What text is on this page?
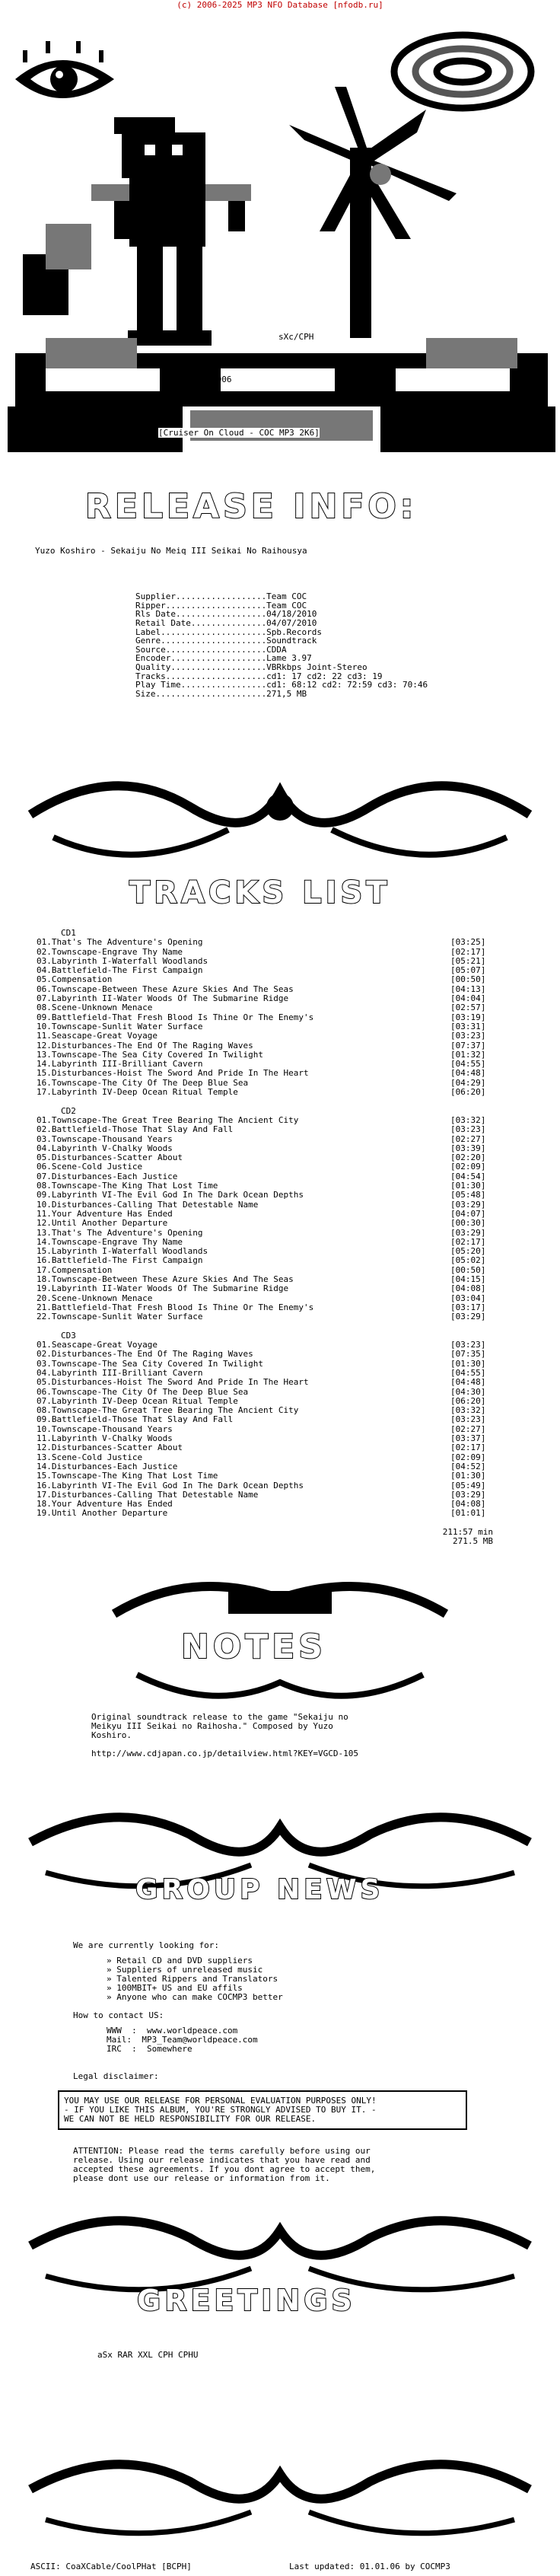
(c) 2006-2025 MP3 NFO Database [nfodb.ru]
sXc/CPH
2006
[Cruiser On Cloud - COC MP3 2K6]
RELEASE INFO:
Yuzo Koshiro - Sekaiju No Meiq III Seikai No Raihousya

Supplier..................Team COC
Ripper....................Team COC
Rls Date..................04/18/2010
Retail Date...............04/07/2010
Label.....................Spb.Records
Genre.....................Soundtrack
Source....................CDDA
Encoder...................Lame 3.97
Quality...................VBRkbps Joint-Stereo
Tracks....................cd1: 17 cd2: 22 cd3: 19
Play Time.................cd1: 68:12 cd2: 72:59 cd3: 70:46
Size......................271,5 MB

TRACKS LIST
CD1
01.That's The Adventure's Opening	[03:25]
02.Townscape-Engrave Thy Name	[02:17]
03.Labyrinth I-Waterfall Woodlands	[05:21]
04.Battlefield-The First Campaign	[05:07]
05.Compensation	[00:50]
06.Townscape-Between These Azure Skies And The Seas	[04:13]
07.Labyrinth II-Water Woods Of The Submarine Ridge	[04:04]
08.Scene-Unknown Menace	[02:57]
09.Battlefield-That Fresh Blood Is Thine Or The Enemy's	[03:19]
10.Townscape-Sunlit Water Surface	[03:31]
11.Seascape-Great Voyage	[03:23]
12.Disturbances-The End Of The Raging Waves	[07:37]
13.Townscape-The Sea City Covered In Twilight	[01:32]
14.Labyrinth III-Brilliant Cavern	[04:55]
15.Disturbances-Hoist The Sword And Pride In The Heart	[04:48]
16.Townscape-The City Of The Deep Blue Sea	[04:29]
17.Labyrinth IV-Deep Ocean Ritual Temple	[06:20]
CD2
01.Townscape-The Great Tree Bearing The Ancient City	[03:32]
02.Battlefield-Those That Slay And Fall	[03:23]
03.Townscape-Thousand Years	[02:27]
04.Labyrinth V-Chalky Woods	[03:39]
05.Disturbances-Scatter About	[02:20]
06.Scene-Cold Justice	[02:09]
07.Disturbances-Each Justice	[04:54]
08.Townscape-The King That Lost Time	[01:30]
09.Labyrinth VI-The Evil God In The Dark Ocean Depths	[05:48]
10.Disturbances-Calling That Detestable Name	[03:29]
11.Your Adventure Has Ended	[04:07]
12.Until Another Departure	[00:30]
13.That's The Adventure's Opening	[03:29]
14.Townscape-Engrave Thy Name	[02:17]
15.Labyrinth I-Waterfall Woodlands	[05:20]
16.Battlefield-The First Campaign	[05:02]
17.Compensation	[00:50]
18.Townscape-Between These Azure Skies And The Seas	[04:15]
19.Labyrinth II-Water Woods Of The Submarine Ridge	[04:08]
20.Scene-Unknown Menace	[03:04]
21.Battlefield-That Fresh Blood Is Thine Or The Enemy's	[03:17]
22.Townscape-Sunlit Water Surface	[03:29]
CD3
01.Seascape-Great Voyage	[03:23]
02.Disturbances-The End Of The Raging Waves	[07:35]
03.Townscape-The Sea City Covered In Twilight	[01:30]
04.Labyrinth III-Brilliant Cavern	[04:55]
05.Disturbances-Hoist The Sword And Pride In The Heart	[04:48]
06.Townscape-The City Of The Deep Blue Sea	[04:30]
07.Labyrinth IV-Deep Ocean Ritual Temple	[06:20]
08.Townscape-The Great Tree Bearing The Ancient City	[03:32]
09.Battlefield-Those That Slay And Fall	[03:23]
10.Townscape-Thousand Years	[02:27]
11.Labyrinth V-Chalky Woods	[03:37]
12.Disturbances-Scatter About	[02:17]
13.Scene-Cold Justice	[02:09]
14.Disturbances-Each Justice	[04:52]
15.Townscape-The King That Lost Time	[01:30]
16.Labyrinth VI-The Evil God In The Dark Ocean Depths	[05:49]
17.Disturbances-Calling That Detestable Name	[03:29]
18.Your Adventure Has Ended	[04:08]
19.Until Another Departure	[01:01]
211:57 min
271.5 MB
NOTES
Original soundtrack release to the game "Sekaiju no
Meikyu III Seikai no Raihosha." Composed by Yuzo
Koshiro.
http://www.cdjapan.co.jp/detailview.html?KEY=VGCD-105
GROUP NEWS
We are currently looking for:
» Retail CD and DVD suppliers
» Suppliers of unreleased music
» Talented Rippers and Translators
» 100MBIT+ US and EU affils
» Anyone who can make COCMP3 better
How to contact US:
WWW  :  www.worldpeace.com
Mail:  MP3_Team@worldpeace.com
IRC  :  Somewhere
Legal disclaimer:
YOU MAY USE OUR RELEASE FOR PERSONAL EVALUATION PURPOSES ONLY!
- IF YOU LIKE THIS ALBUM, YOU'RE STRONGLY ADVISED TO BUY IT. -
WE CAN NOT BE HELD RESPONSIBILITY FOR OUR RELEASE.
ATTENTION: Please read the terms carefully before using our
release. Using our release indicates that you have read and
accepted these agreements. If you dont agree to accept them,
please dont use our release or information from it.
GREETINGS
aSx RAR XXL CPH CPHU
ASCII: CoaXCable/CoolPHat [BCPH]	Last updated: 01.01.06 by COCMP3
